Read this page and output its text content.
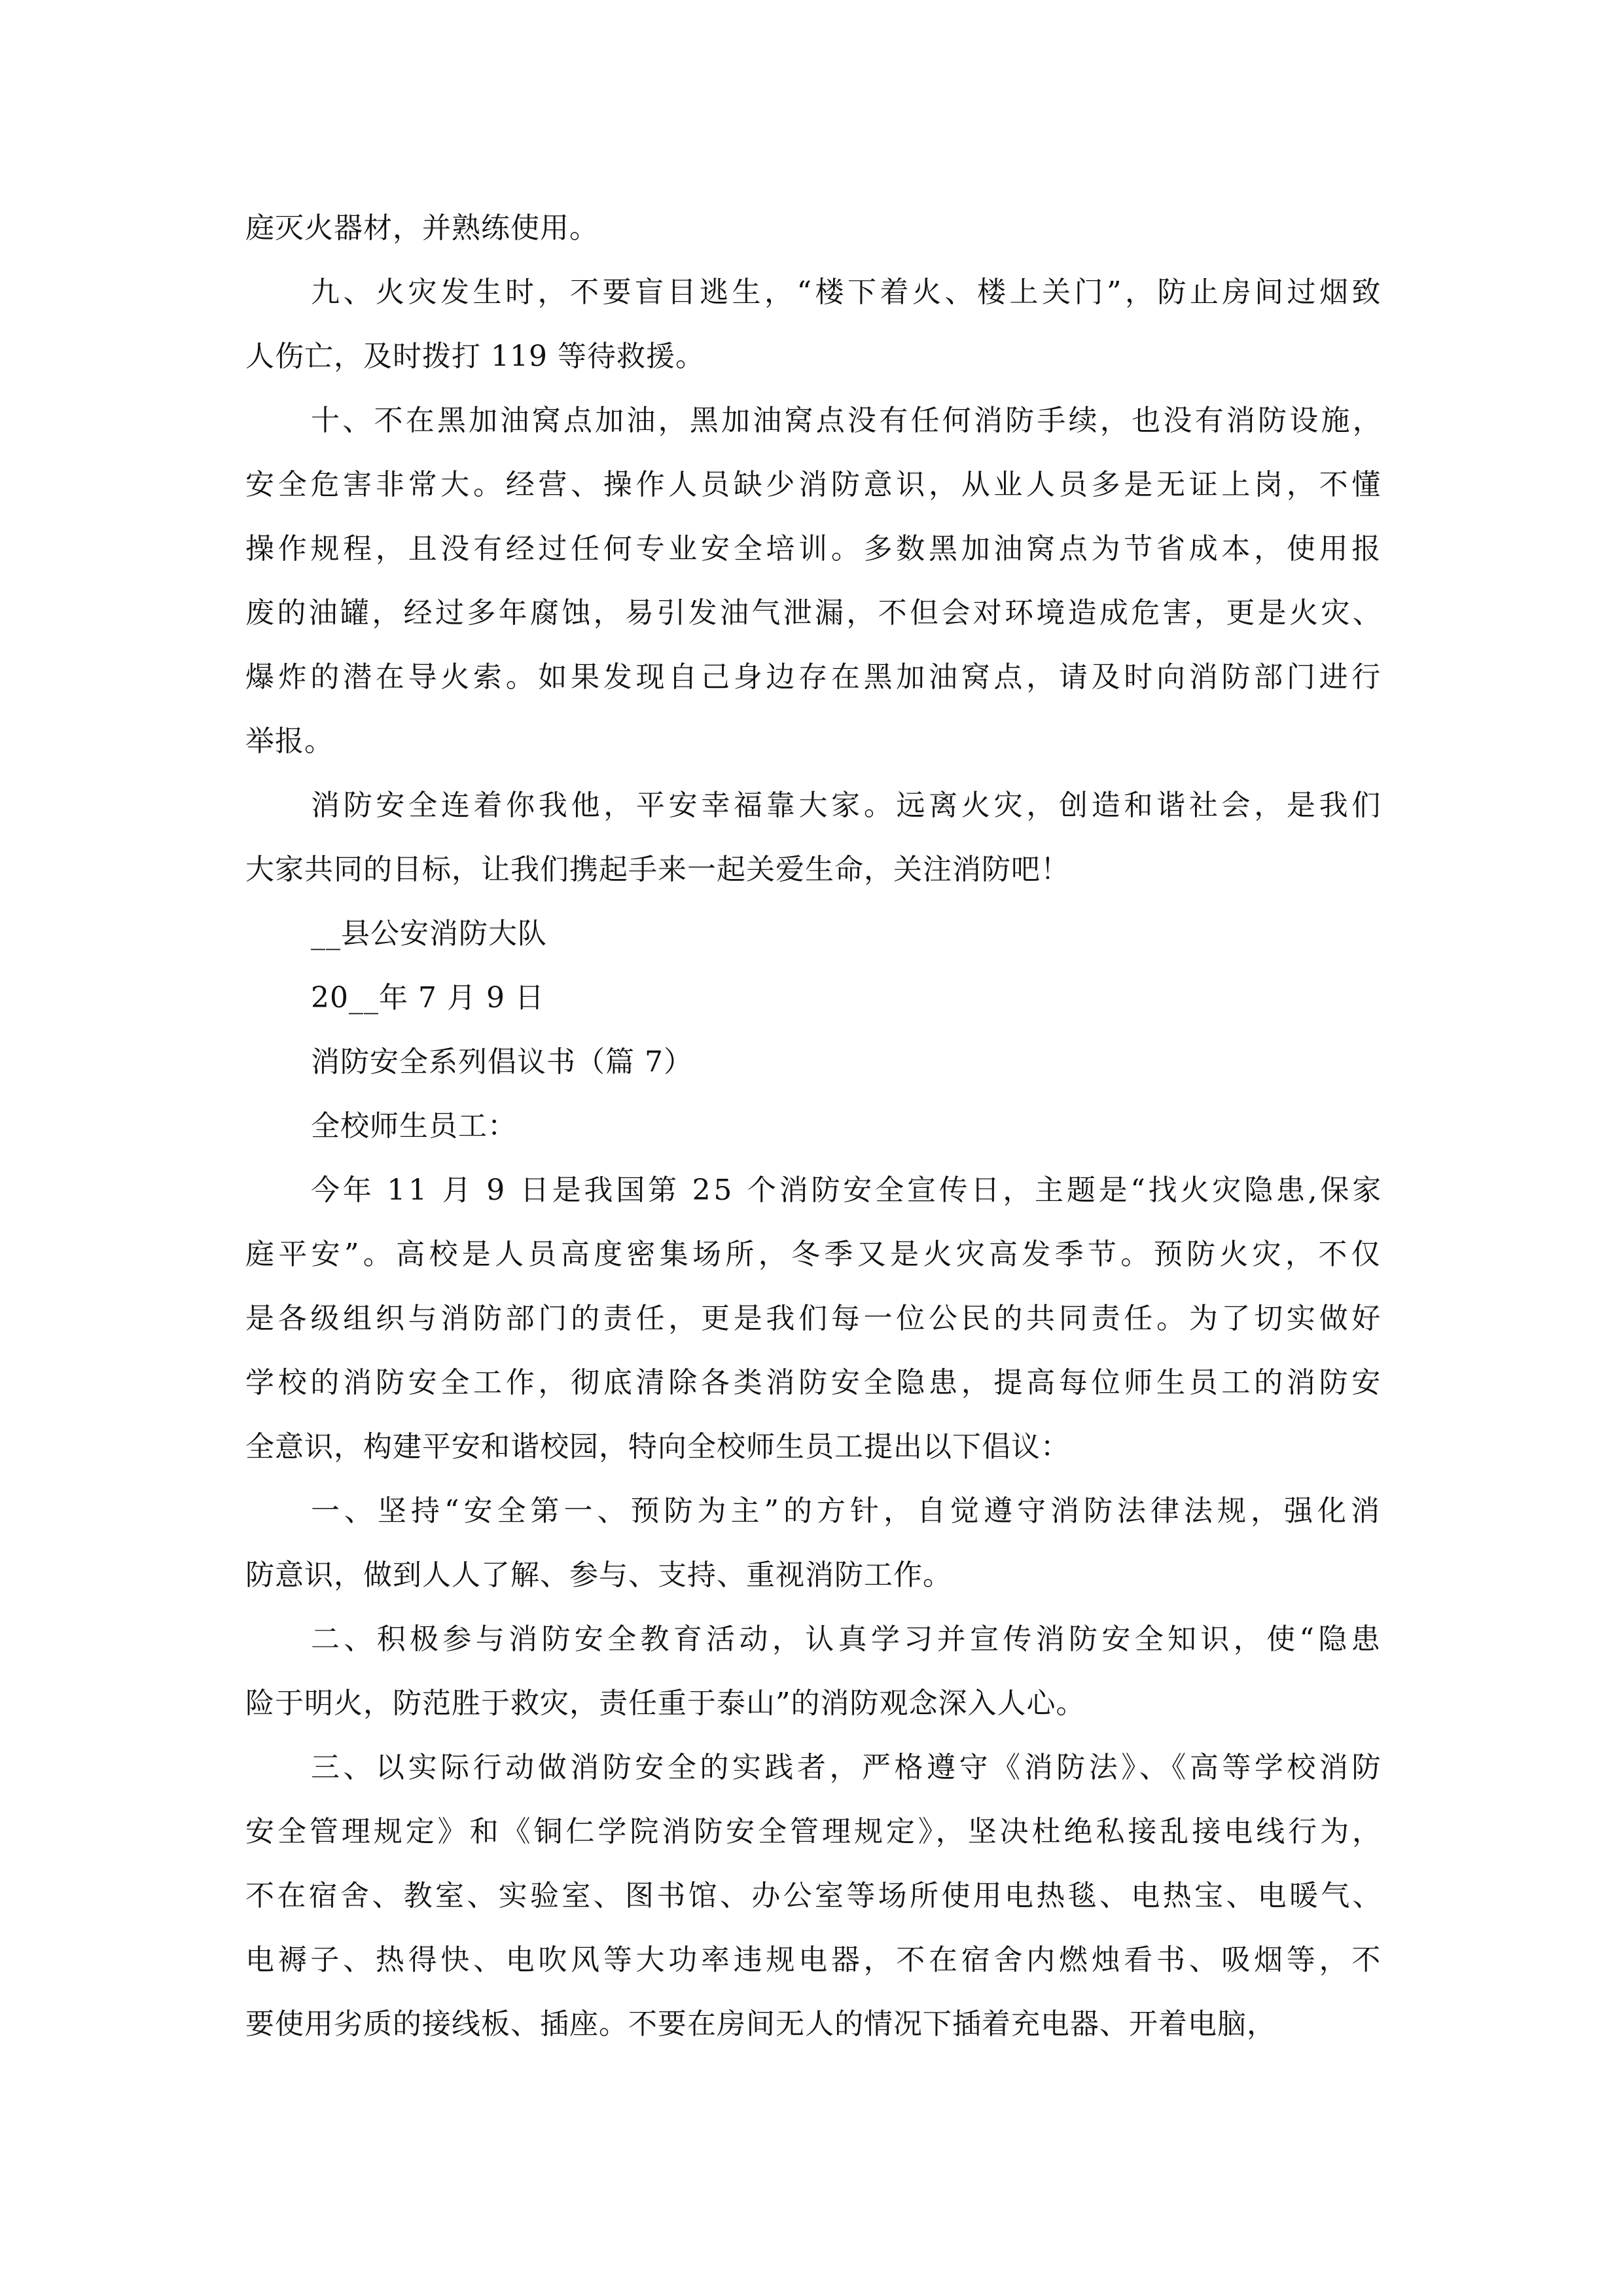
庭灭火器材，并熟练使用。
九、火灾发生时，不要盲目逃生，“楼下着火、楼上关门”，防止房间过烟致
人伤亡，及时拨打 119 等待救援。
十、不在黑加油窝点加油，黑加油窝点没有任何消防手续，也没有消防设施，
安全危害非常大。经营、操作人员缺少消防意识，从业人员多是无证上岗，不懂
操作规程，且没有经过任何专业安全培训。多数黑加油窝点为节省成本，使用报
废的油罐，经过多年腐蚀，易引发油气泄漏，不但会对环境造成危害，更是火灾、
爆炸的潜在导火索。如果发现自己身边存在黑加油窝点，请及时向消防部门进行
举报。
消防安全连着你我他，平安幸福靠大家。远离火灾，创造和谐社会，是我们
大家共同的目标，让我们携起手来一起关爱生命，关注消防吧！
__县公安消防大队
20__年 7 月 9 日
消防安全系列倡议书（篇 7）
全校师生员工：
今年 11 月 9 日是我国第 25 个消防安全宣传日，主题是“找火灾隐患,保家
庭平安”。高校是人员高度密集场所，冬季又是火灾高发季节。预防火灾，不仅
是各级组织与消防部门的责任，更是我们每一位公民的共同责任。为了切实做好
学校的消防安全工作，彻底清除各类消防安全隐患，提高每位师生员工的消防安
全意识，构建平安和谐校园，特向全校师生员工提出以下倡议：
一、坚持“安全第一、预防为主”的方针，自觉遵守消防法律法规，强化消
防意识，做到人人了解、参与、支持、重视消防工作。
二、积极参与消防安全教育活动，认真学习并宣传消防安全知识，使“隐患
险于明火，防范胜于救灾，责任重于泰山”的消防观念深入人心。
三、以实际行动做消防安全的实践者，严格遵守《消防法》、《高等学校消防
安全管理规定》和《铜仁学院消防安全管理规定》，坚决杜绝私接乱接电线行为，
不在宿舍、教室、实验室、图书馆、办公室等场所使用电热毯、电热宝、电暖气、
电褥子、热得快、电吹风等大功率违规电器，不在宿舍内燃烛看书、吸烟等，不
要使用劣质的接线板、插座。不要在房间无人的情况下插着充电器、开着电脑，
